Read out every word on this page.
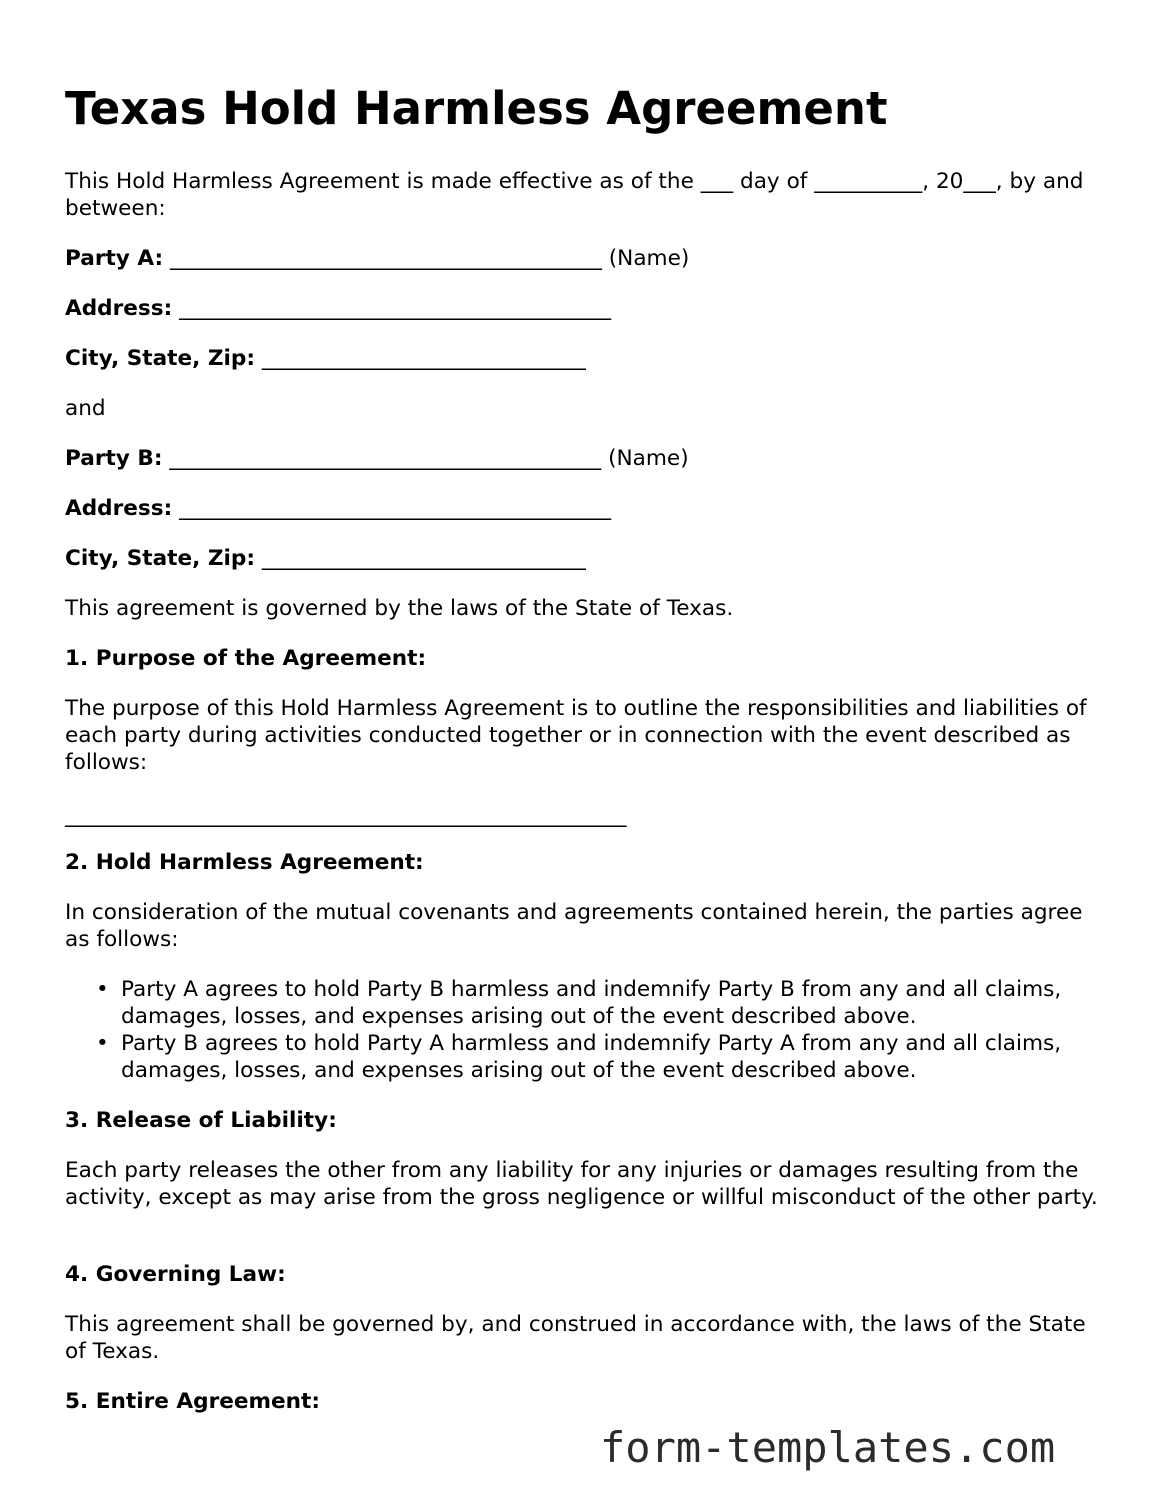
Texas Hold Harmless Agreement

This Hold Harmless Agreement is made effective as of the ___ day of __________, 20___, by and between:

Party A: ________________________________________ (Name)

Address: ________________________________________

City, State, Zip: ______________________________

and

Party B: ________________________________________ (Name)

Address: ________________________________________

City, State, Zip: ______________________________

This agreement is governed by the laws of the State of Texas.

1. Purpose of the Agreement:

The purpose of this Hold Harmless Agreement is to outline the responsibilities and liabilities of each party during activities conducted together or in connection with the event described as follows:

____________________________________________________

2. Hold Harmless Agreement:

In consideration of the mutual covenants and agreements contained herein, the parties agree as follows:

• Party A agrees to hold Party B harmless and indemnify Party B from any and all claims, damages, losses, and expenses arising out of the event described above.
• Party B agrees to hold Party A harmless and indemnify Party A from any and all claims, damages, losses, and expenses arising out of the event described above.

3. Release of Liability:

Each party releases the other from any liability for any injuries or damages resulting from the activity, except as may arise from the gross negligence or willful misconduct of the other party.

4. Governing Law:

This agreement shall be governed by, and construed in accordance with, the laws of the State of Texas.

5. Entire Agreement:

form-templates.com
